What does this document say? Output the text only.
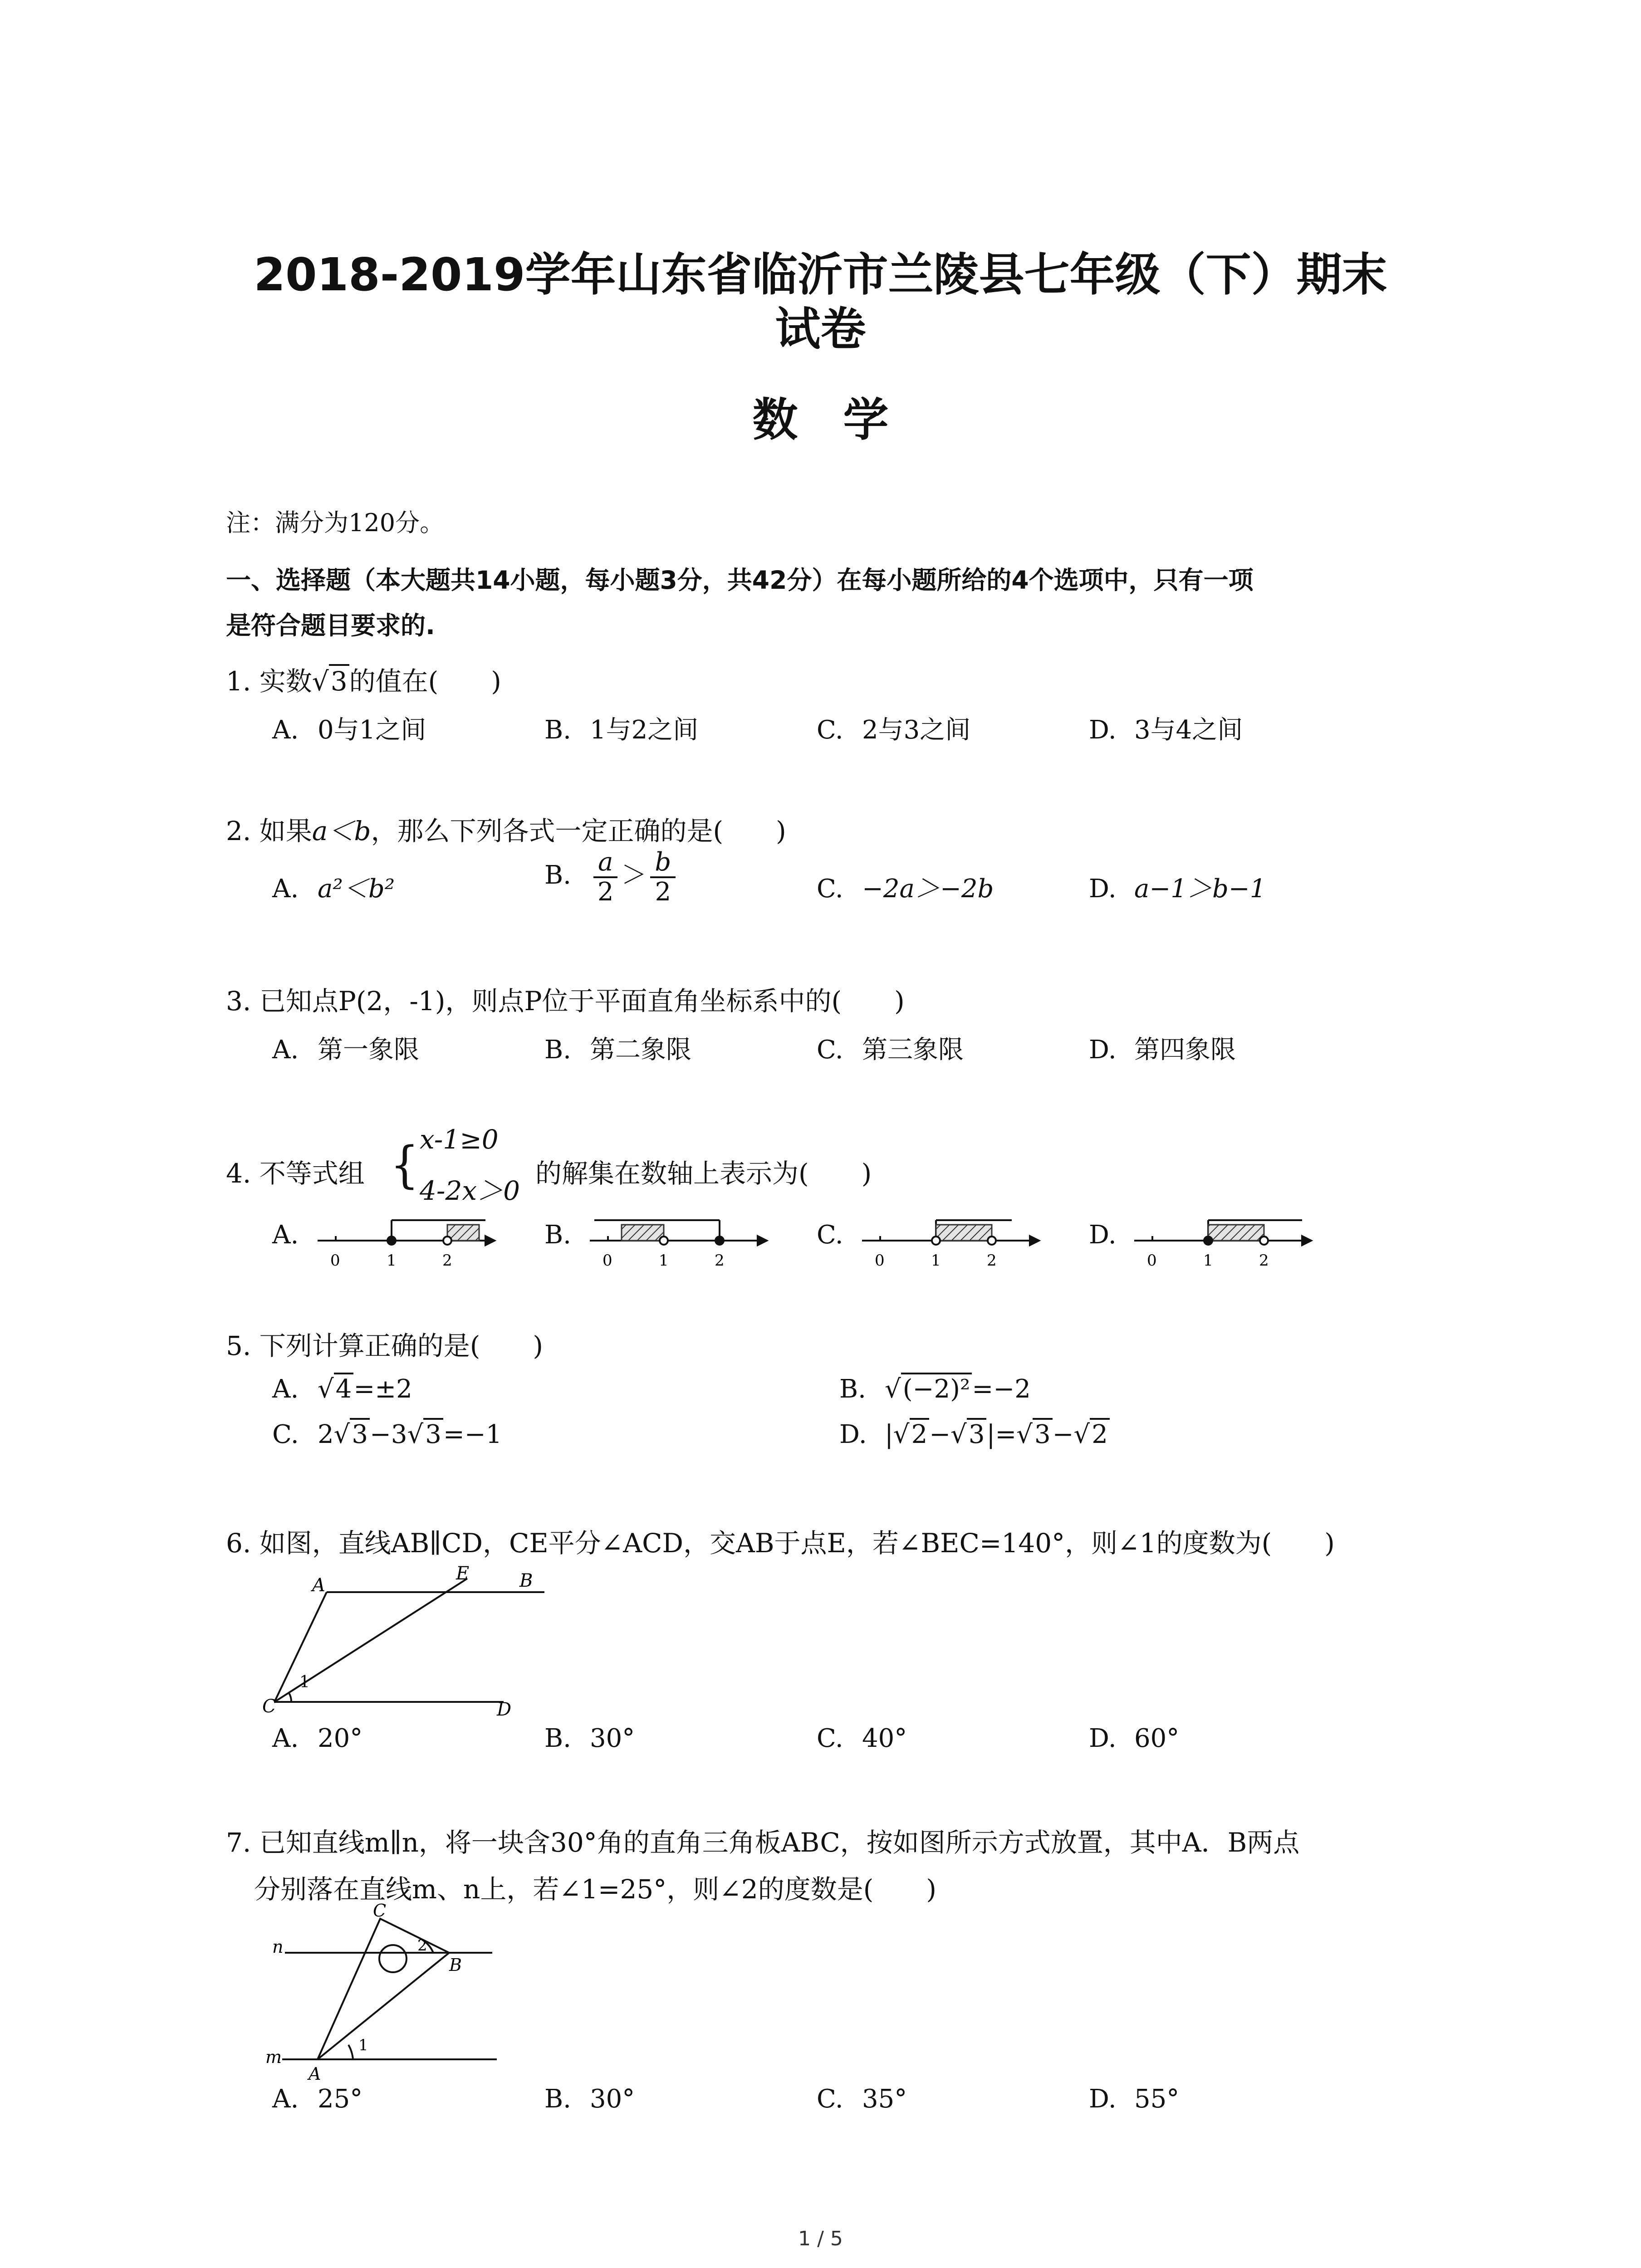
2018-2019学年山东省临沂市兰陵县七年级（下）期末
试卷
数　学
注：满分为120分。
一、选择题（本大题共14小题，每小题3分，共42分）在每小题所给的4个选项中，只有一项
是符合题目要求的.
1. 实数√3的值在(　　)
A. 0与1之间	B. 1与2之间	C. 2与3之间	D. 3与4之间
2. 如果a＜b，那么下列各式一定正确的是(　　)
A. a²＜b²	B. $\frac{a}{2} > \frac{b}{2}$	C. −2a＞−2b	D. a−1＞b−1
3. 已知点P(2，-1)，则点P位于平面直角坐标系中的(　　)
A. 第一象限	B. 第二象限	C. 第三象限	D. 第四象限
4. 不等式组 { x-1≥0
4-2x＞0
的解集在数轴上表示为(　　)
A.	B.	C.	D.
0	1	2	0	1	2	0	1	2	0	1	2
A	B
C	D
E
1
n
m
A
B
C
1
2
5. 下列计算正确的是(　　)
A. √4=±2	B. √(−2)²=−2
C. 2√3−3√3=−1	D. |√2−√3|=√3−√2
6. 如图，直线AB∥CD，CE平分∠ACD，交AB于点E，若∠BEC=140°，则∠1的度数为(　　)
A. 20°	B. 30°	C. 40°	D. 60°
7. 已知直线m∥n，将一块含30°角的直角三角板ABC，按如图所示方式放置，其中A．B两点
分别落在直线m、n上，若∠1=25°，则∠2的度数是(　　)
A. 25°	B. 30°	C. 35°	D. 55°
1 / 5
